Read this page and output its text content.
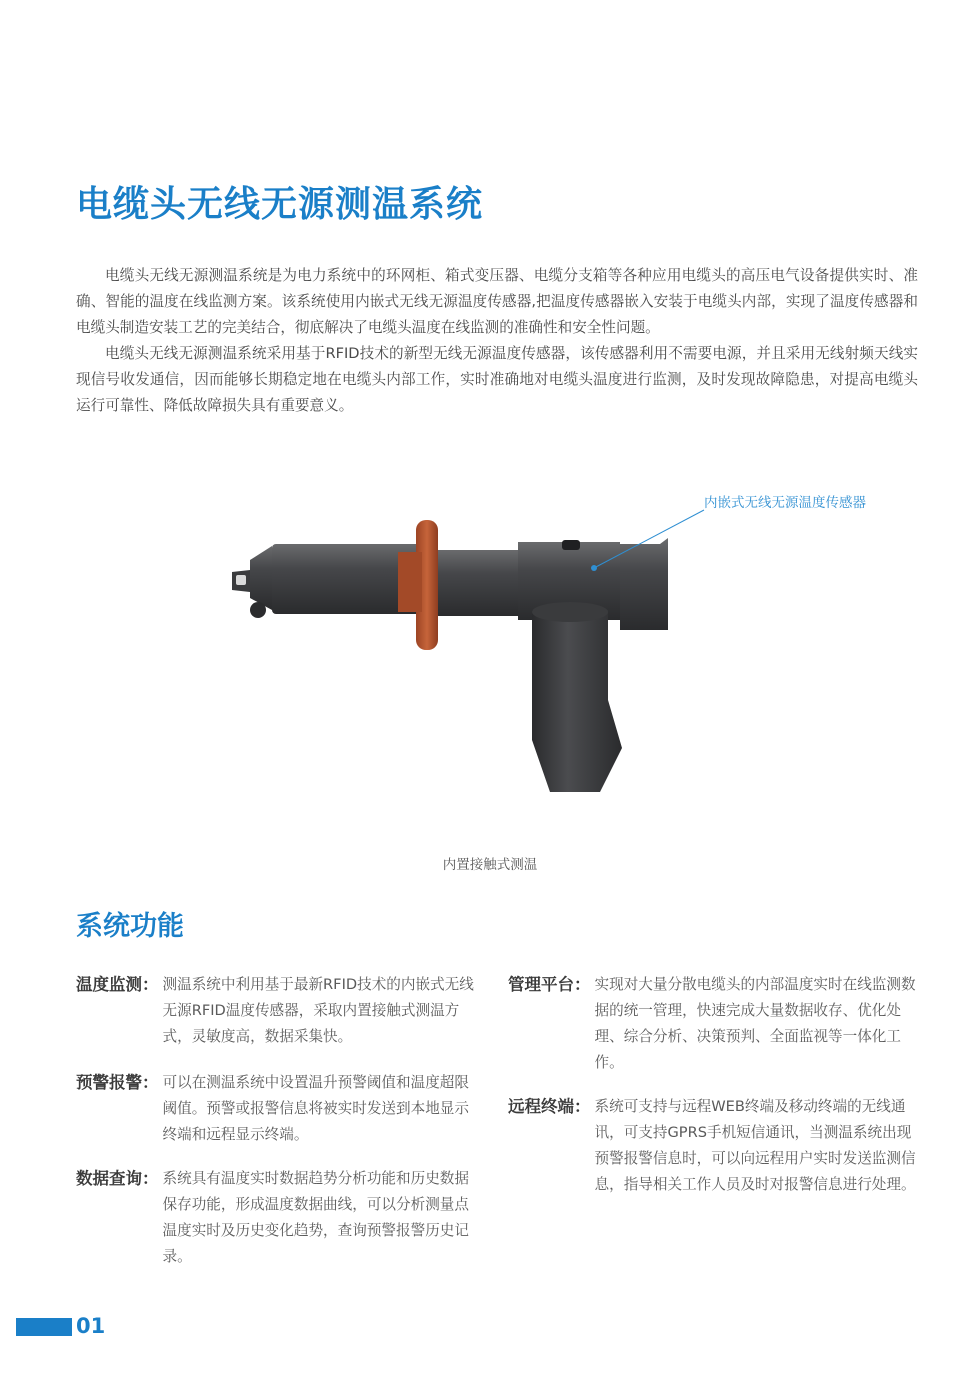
电缆头无线无源测温系统

电缆头无线无源测温系统是为电力系统中的环网柜、箱式变压器、电缆分支箱等各种应用电缆头的高压电气设备提供实时、准确、智能的温度在线监测方案。该系统使用内嵌式无线无源温度传感器,把温度传感器嵌入安装于电缆头内部，实现了温度传感器和电缆头制造安装工艺的完美结合，彻底解决了电缆头温度在线监测的准确性和安全性问题。

电缆头无线无源测温系统采用基于RFID技术的新型无线无源温度传感器，该传感器利用不需要电源，并且采用无线射频天线实现信号收发通信，因而能够长期稳定地在电缆头内部工作，实时准确地对电缆头温度进行监测，及时发现故障隐患，对提高电缆头运行可靠性、降低故障损失具有重要意义。

内嵌式无线无源温度传感器
内置接触式测温
系统功能
温度监测： 测温系统中利用基于最新RFID技术的内嵌式无线无源RFID温度传感器，采取内置接触式测温方式，灵敏度高，数据采集快。
预警报警： 可以在测温系统中设置温升预警阈值和温度超限阈值。预警或报警信息将被实时发送到本地显示终端和远程显示终端。
数据查询： 系统具有温度实时数据趋势分析功能和历史数据保存功能，形成温度数据曲线，可以分析测量点温度实时及历史变化趋势，查询预警报警历史记录。
管理平台： 实现对大量分散电缆头的内部温度实时在线监测数据的统一管理，快速完成大量数据收存、优化处理、综合分析、决策预判、全面监视等一体化工作。
远程终端： 系统可支持与远程WEB终端及移动终端的无线通讯，可支持GPRS手机短信通讯，当测温系统出现预警报警信息时，可以向远程用户实时发送监测信息，指导相关工作人员及时对报警信息进行处理。
01
